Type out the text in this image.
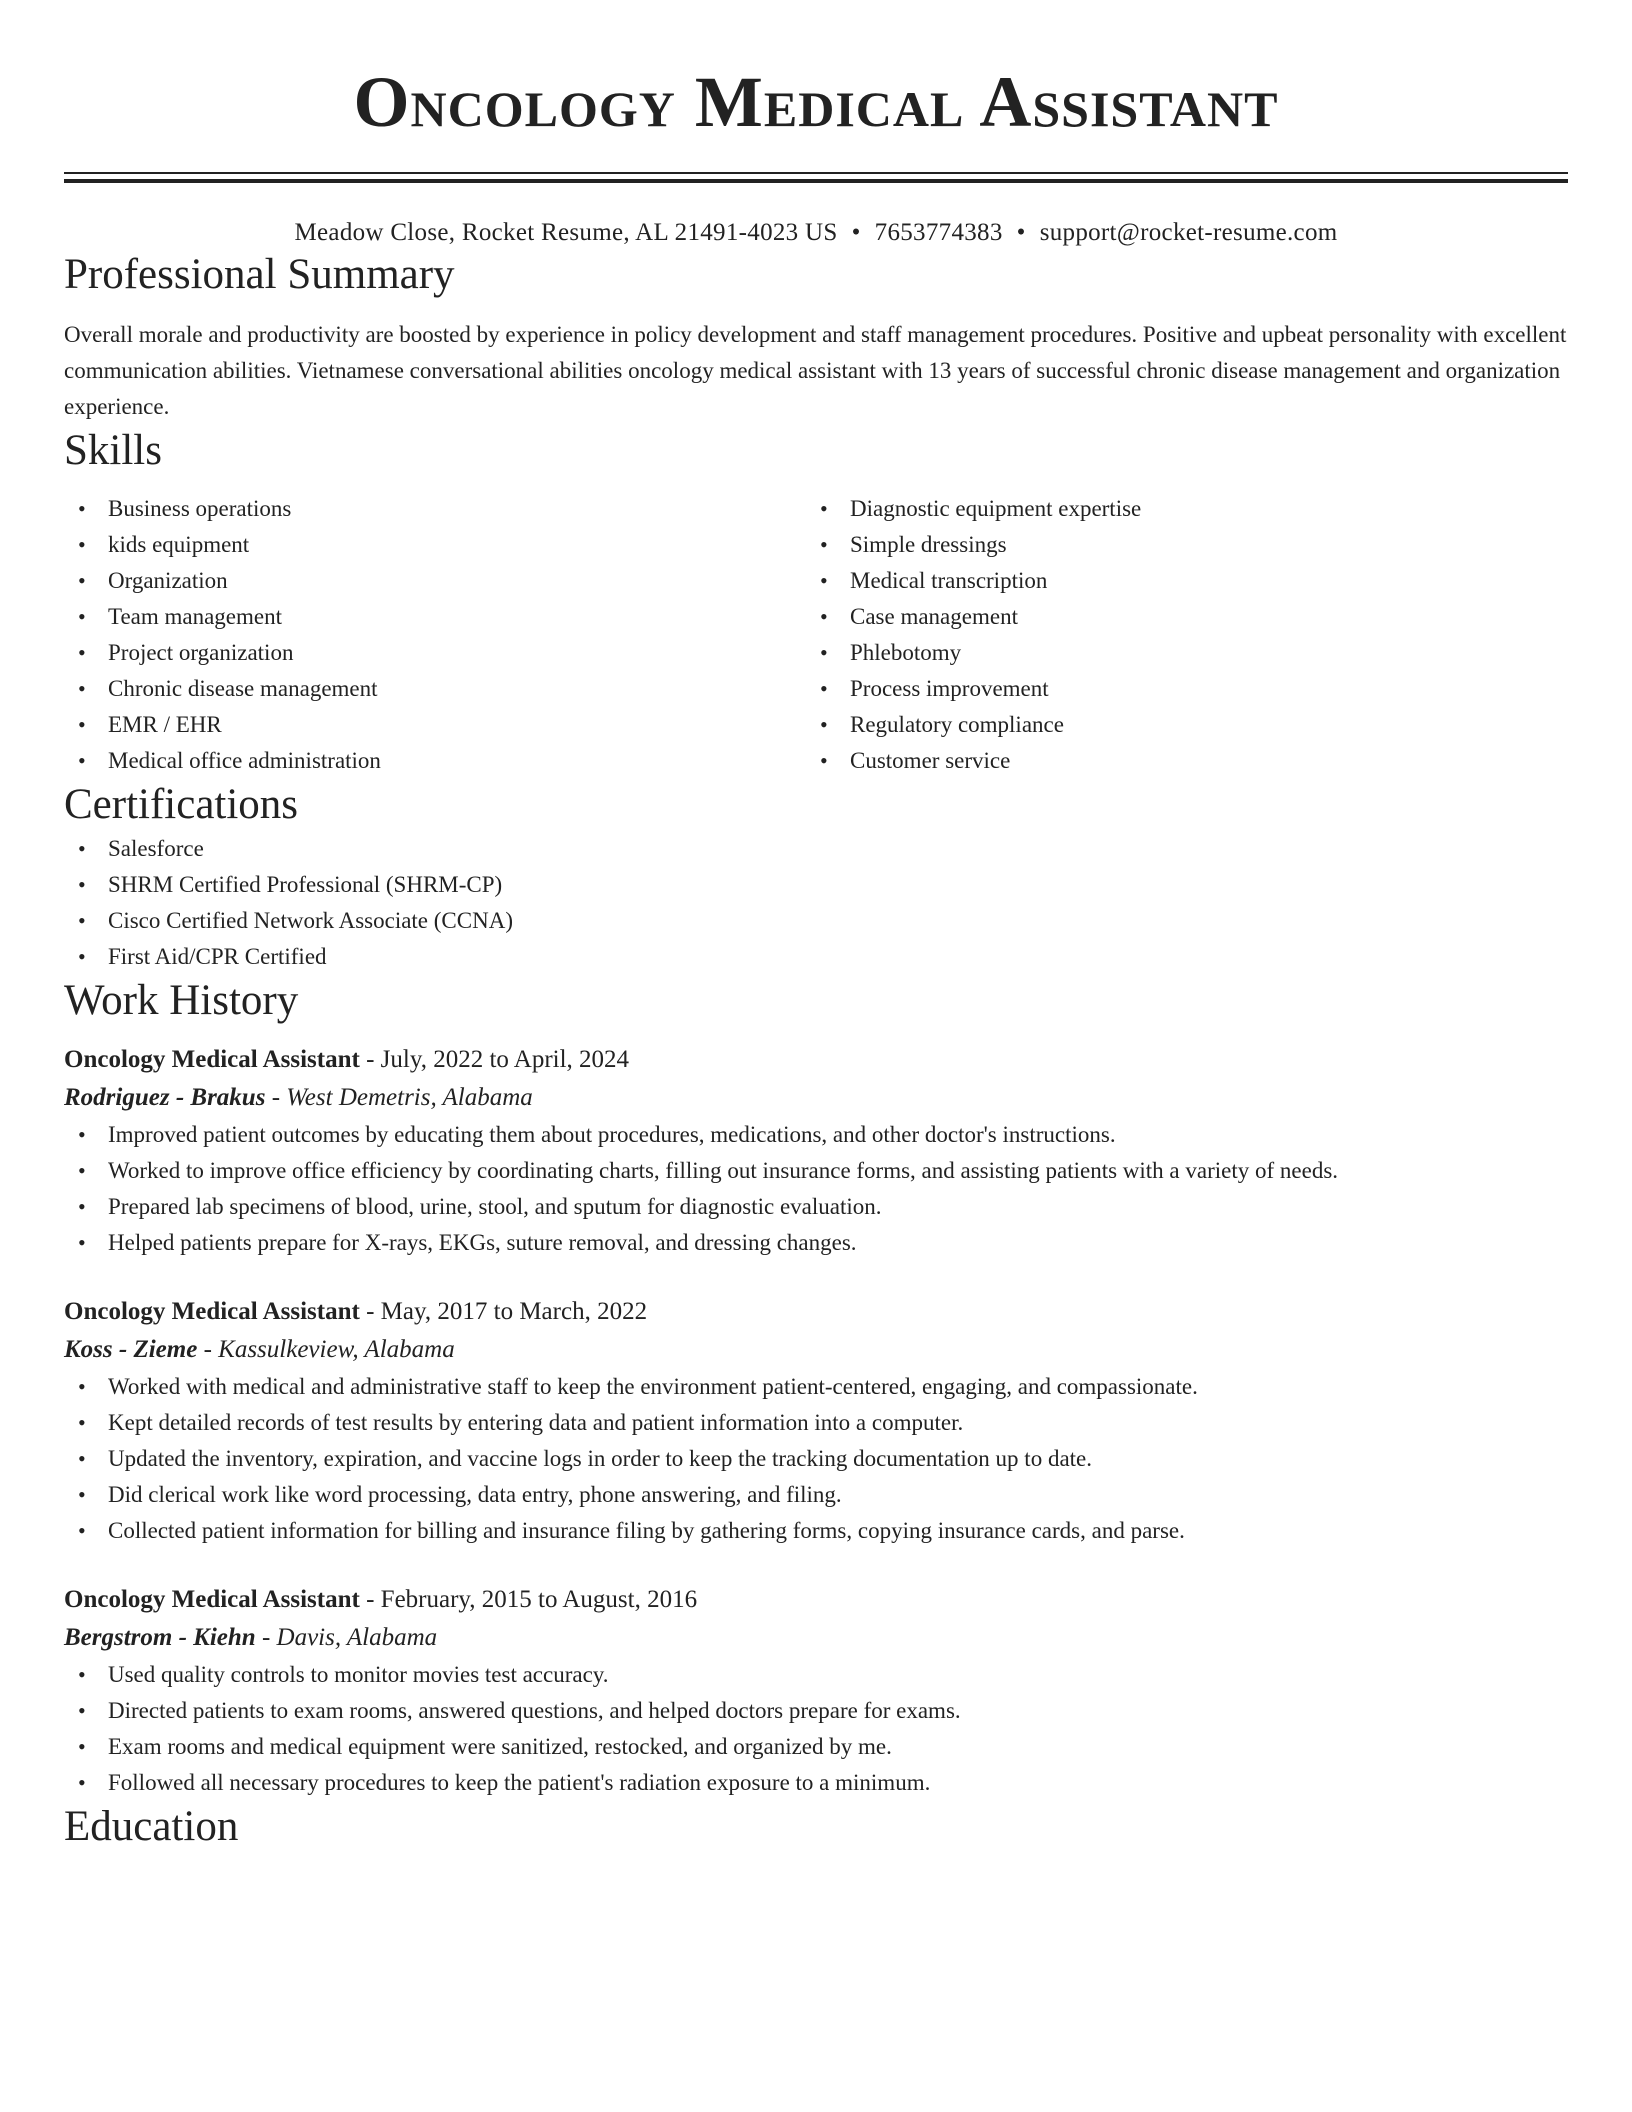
Oncology Medical Assistant
Meadow Close, Rocket Resume, AL 21491-4023 US • 7653774383 • support@rocket-resume.com
Professional Summary

Overall morale and productivity are boosted by experience in policy development and staff management procedures. Positive and upbeat personality with excellent communication abilities. Vietnamese conversational abilities oncology medical assistant with 13 years of successful chronic disease management and organization experience.

Skills
• Business operations
• kids equipment
• Organization
• Team management
• Project organization
• Chronic disease management
• EMR / EHR
• Medical office administration
• Diagnostic equipment expertise
• Simple dressings
• Medical transcription
• Case management
• Phlebotomy
• Process improvement
• Regulatory compliance
• Customer service
Certifications
• Salesforce
• SHRM Certified Professional (SHRM-CP)
• Cisco Certified Network Associate (CCNA)
• First Aid/CPR Certified
Work History
Oncology Medical Assistant - July, 2022 to April, 2024
Rodriguez - Brakus - West Demetris, Alabama
• Improved patient outcomes by educating them about procedures, medications, and other doctor's instructions.
• Worked to improve office efficiency by coordinating charts, filling out insurance forms, and assisting patients with a variety of needs.
• Prepared lab specimens of blood, urine, stool, and sputum for diagnostic evaluation.
• Helped patients prepare for X-rays, EKGs, suture removal, and dressing changes.
Oncology Medical Assistant - May, 2017 to March, 2022
Koss - Zieme - Kassulkeview, Alabama
• Worked with medical and administrative staff to keep the environment patient-centered, engaging, and compassionate.
• Kept detailed records of test results by entering data and patient information into a computer.
• Updated the inventory, expiration, and vaccine logs in order to keep the tracking documentation up to date.
• Did clerical work like word processing, data entry, phone answering, and filing.
• Collected patient information for billing and insurance filing by gathering forms, copying insurance cards, and parse.
Oncology Medical Assistant - February, 2015 to August, 2016
Bergstrom - Kiehn - Davis, Alabama
• Used quality controls to monitor movies test accuracy.
• Directed patients to exam rooms, answered questions, and helped doctors prepare for exams.
• Exam rooms and medical equipment were sanitized, restocked, and organized by me.
• Followed all necessary procedures to keep the patient's radiation exposure to a minimum.
Education
